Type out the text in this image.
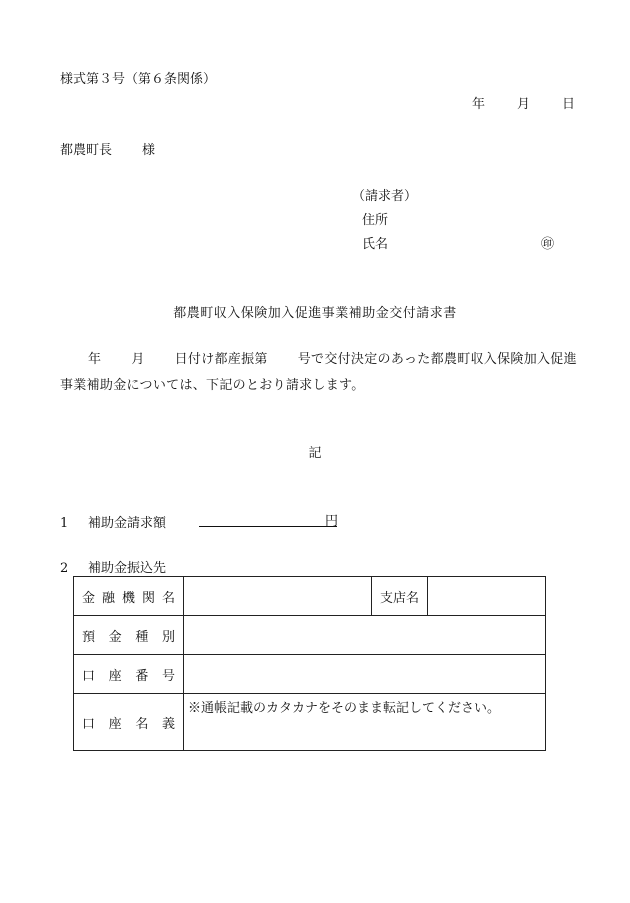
様式第３号（第６条関係）
年 月 日
都農町長 様
（請求者）
住所
氏名	㊞
都農町収入保険加入促進事業補助金交付請求書
年 月 日付け都産振第 号で交付決定のあった都農町収入保険加入促進事業補助金については、下記のとおり請求します。
記
1 補助金請求額	円
2 補助金振込先
金融機関名		支店名	
預金種別			
口座番号			
口座名義	※通帳記載のカタカナをそのまま転記してください。		
